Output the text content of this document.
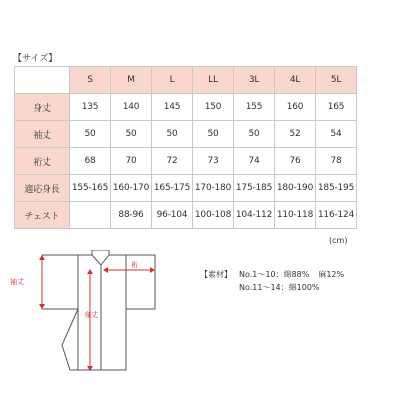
【サイズ】
	S	M	L	LL	3L	4L	5L
身丈	135	140	145	150	155	160	165
袖丈	50	50	50	50	50	52	54
裄丈	68	70	72	73	74	76	78
適応身長	155-165	160-170	165-175	170-180	175-185	180-190	185-195
チェスト		88-96	96-104	100-108	104-112	110-118	116-124
(cm)
袖丈
裄
身丈
【素材】 No.1〜10：綿88% 麻12%
No.11〜14：綿100%
